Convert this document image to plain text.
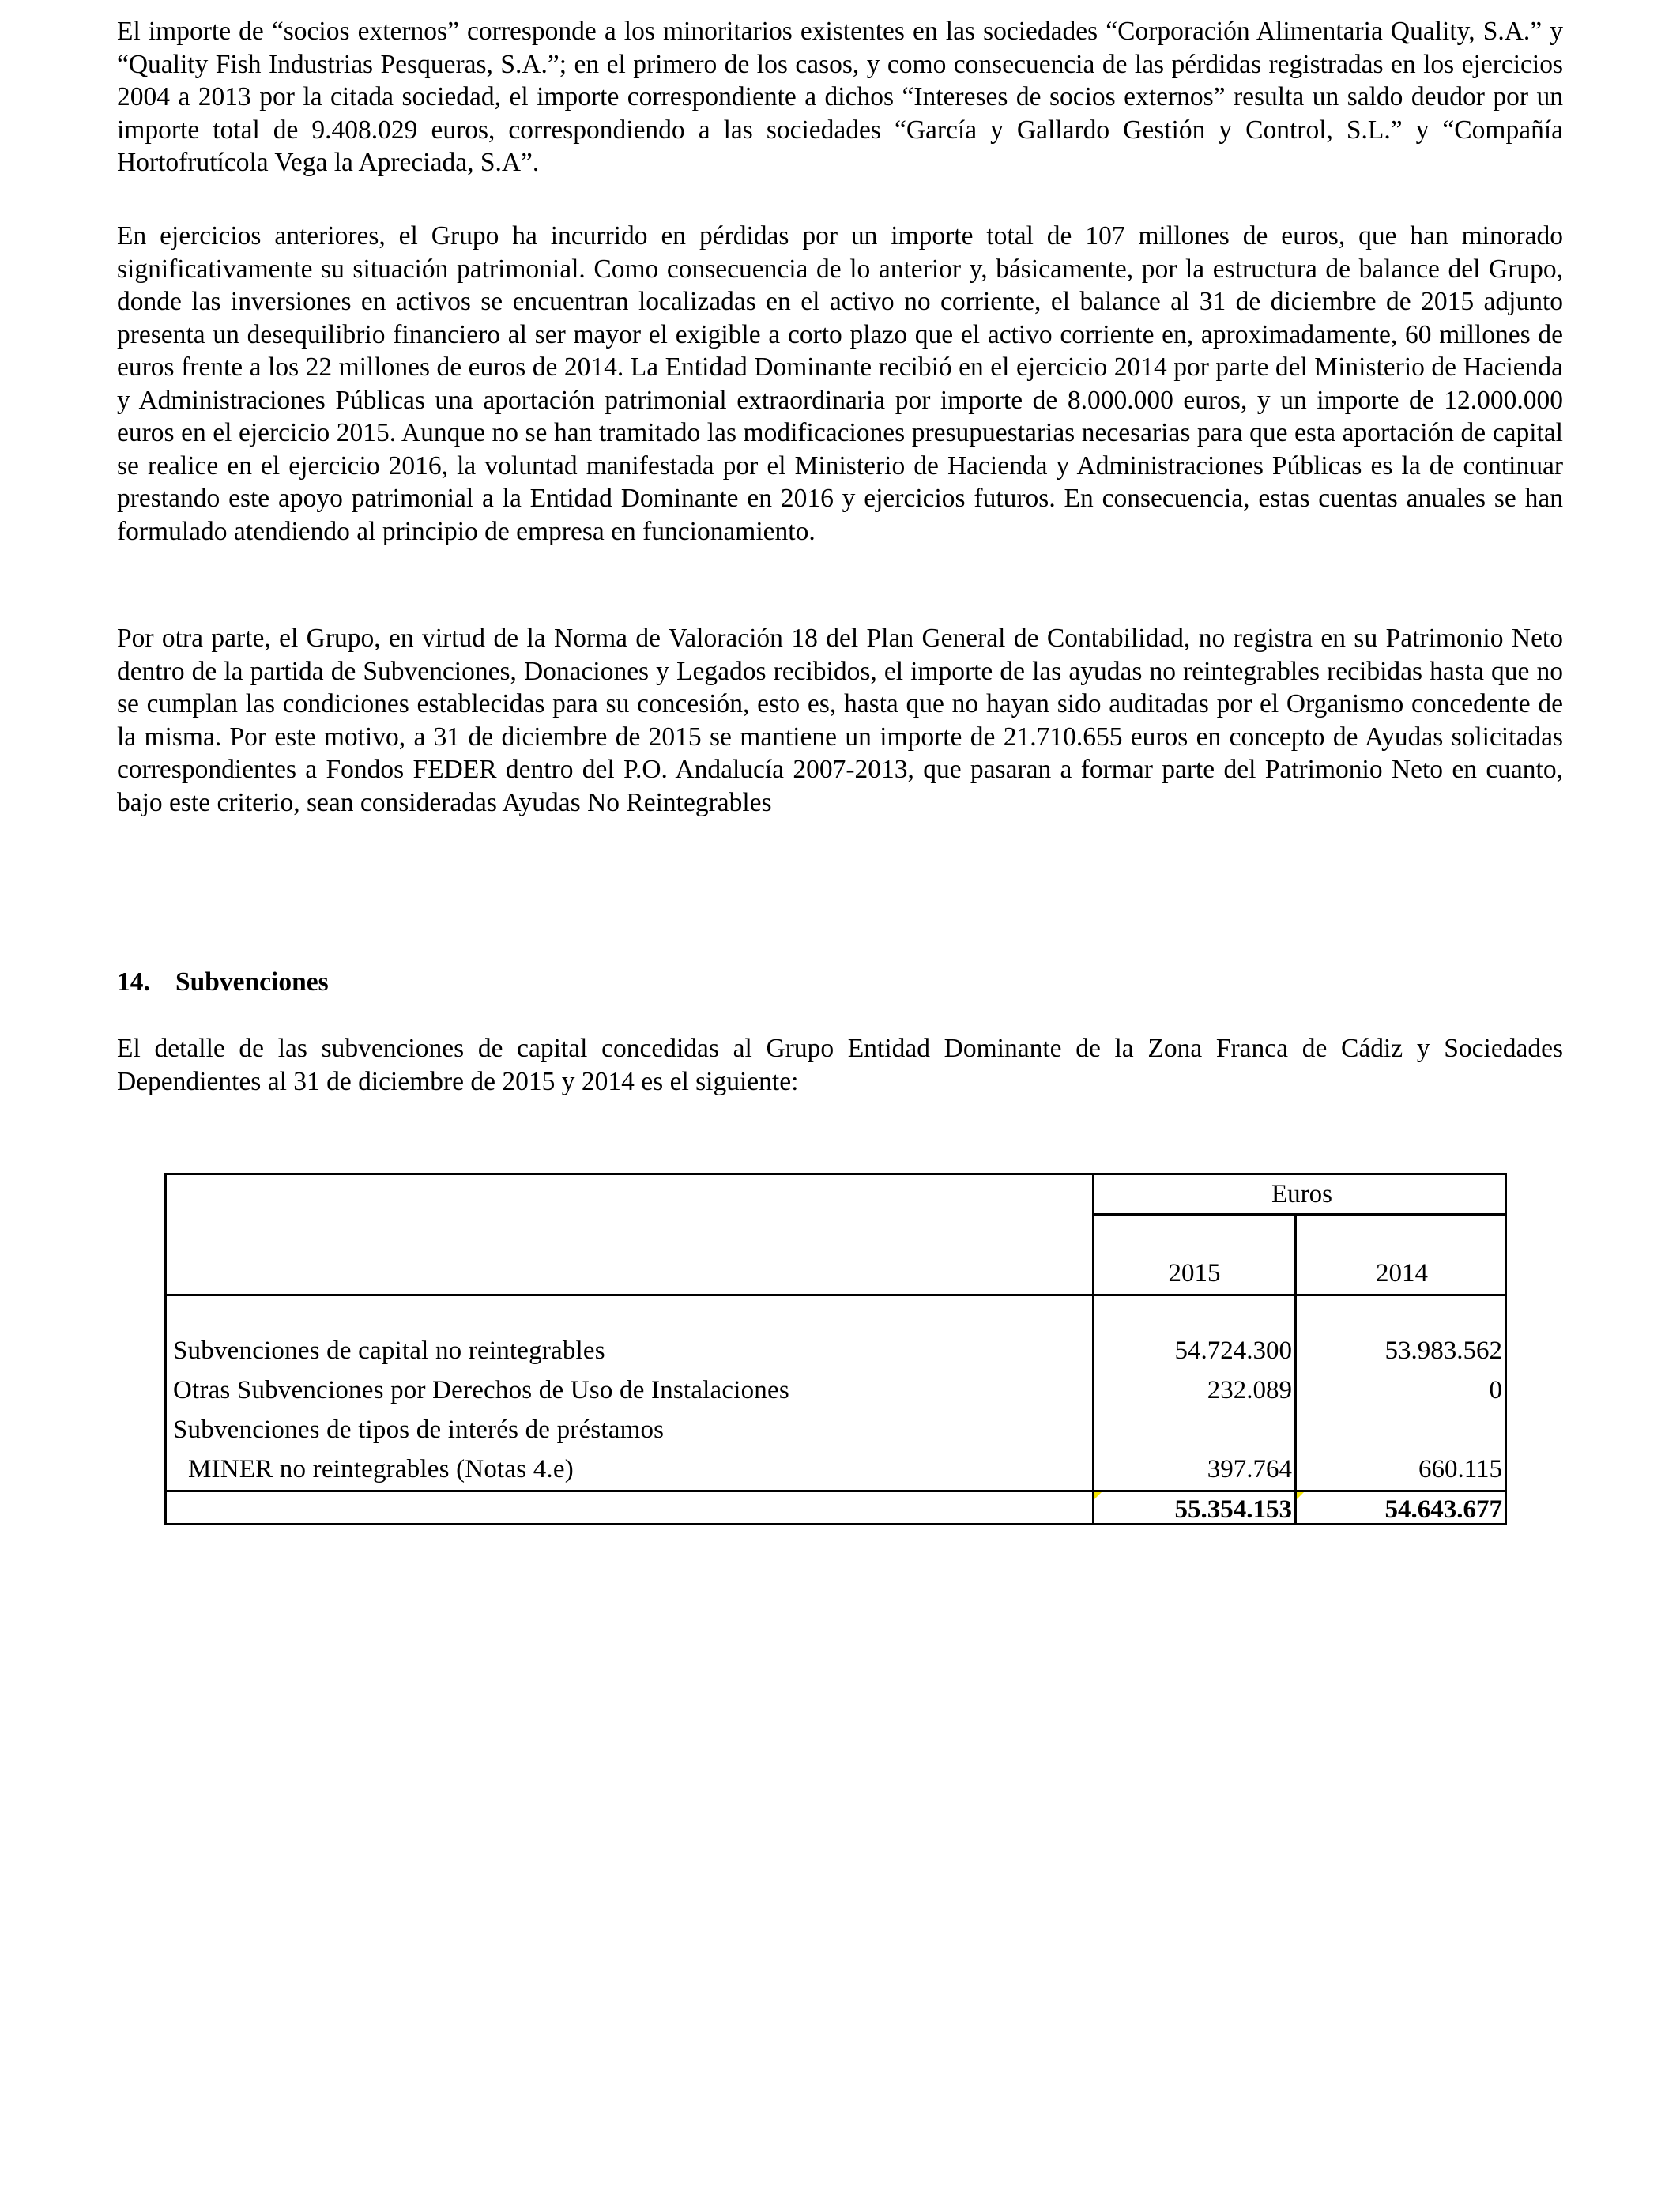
El importe de “socios externos” corresponde a los minoritarios existentes en las sociedades “Corporación Alimentaria Quality, S.A.” y “Quality Fish Industrias Pesqueras, S.A.”; en el primero de los casos, y como consecuencia de las pérdidas registradas en los ejercicios 2004 a 2013 por la citada sociedad, el importe correspondiente a dichos “Intereses de socios externos” resulta un saldo deudor por un importe total de 9.408.029 euros, correspondiendo a las sociedades “García y Gallardo Gestión y Control, S.L.” y “Compañía Hortofrutícola Vega la Apreciada, S.A”.

En ejercicios anteriores, el Grupo ha incurrido en pérdidas por un importe total de 107 millones de euros, que han minorado significativamente su situación patrimonial. Como consecuencia de lo anterior y, básicamente, por la estructura de balance del Grupo, donde las inversiones en activos se encuentran localizadas en el activo no corriente, el balance al 31 de diciembre de 2015 adjunto presenta un desequilibrio financiero al ser mayor el exigible a corto plazo que el activo corriente en, aproximadamente, 60 millones de euros frente a los 22 millones de euros de 2014. La Entidad Dominante recibió en el ejercicio 2014 por parte del Ministerio de Hacienda y Administraciones Públicas una aportación patrimonial extraordinaria por importe de 8.000.000 euros, y un importe de 12.000.000 euros en el ejercicio 2015. Aunque no se han tramitado las modificaciones presupuestarias necesarias para que esta aportación de capital se realice en el ejercicio 2016, la voluntad manifestada por el Ministerio de Hacienda y Administraciones Públicas es la de continuar prestando este apoyo patrimonial a la Entidad Dominante en 2016 y ejercicios futuros. En consecuencia, estas cuentas anuales se han formulado atendiendo al principio de empresa en funcionamiento.

Por otra parte, el Grupo, en virtud de la Norma de Valoración 18 del Plan General de Contabilidad, no registra en su Patrimonio Neto dentro de la partida de Subvenciones, Donaciones y Legados recibidos, el importe de las ayudas no reintegrables recibidas hasta que no se cumplan las condiciones establecidas para su concesión, esto es, hasta que no hayan sido auditadas por el Organismo concedente de la misma. Por este motivo, a 31 de diciembre de 2015 se mantiene un importe de 21.710.655 euros en concepto de Ayudas solicitadas correspondientes a Fondos FEDER dentro del P.O. Andalucía 2007-2013, que pasaran a formar parte del Patrimonio Neto en cuanto, bajo este criterio, sean consideradas Ayudas No Reintegrables

14. Subvenciones

El detalle de las subvenciones de capital concedidas al Grupo Entidad Dominante de la Zona Franca de Cádiz y Sociedades Dependientes al 31 de diciembre de 2015 y 2014 es el siguiente:

Euros
2015	2014
Subvenciones de capital no reintegrables	54.724.300	53.983.562
Otras Subvenciones por Derechos de Uso de Instalaciones	232.089	0
Subvenciones de tipos de interés de préstamos
MINER no reintegrables (Notas 4.e)	397.764	660.115
55.354.153	54.643.677
